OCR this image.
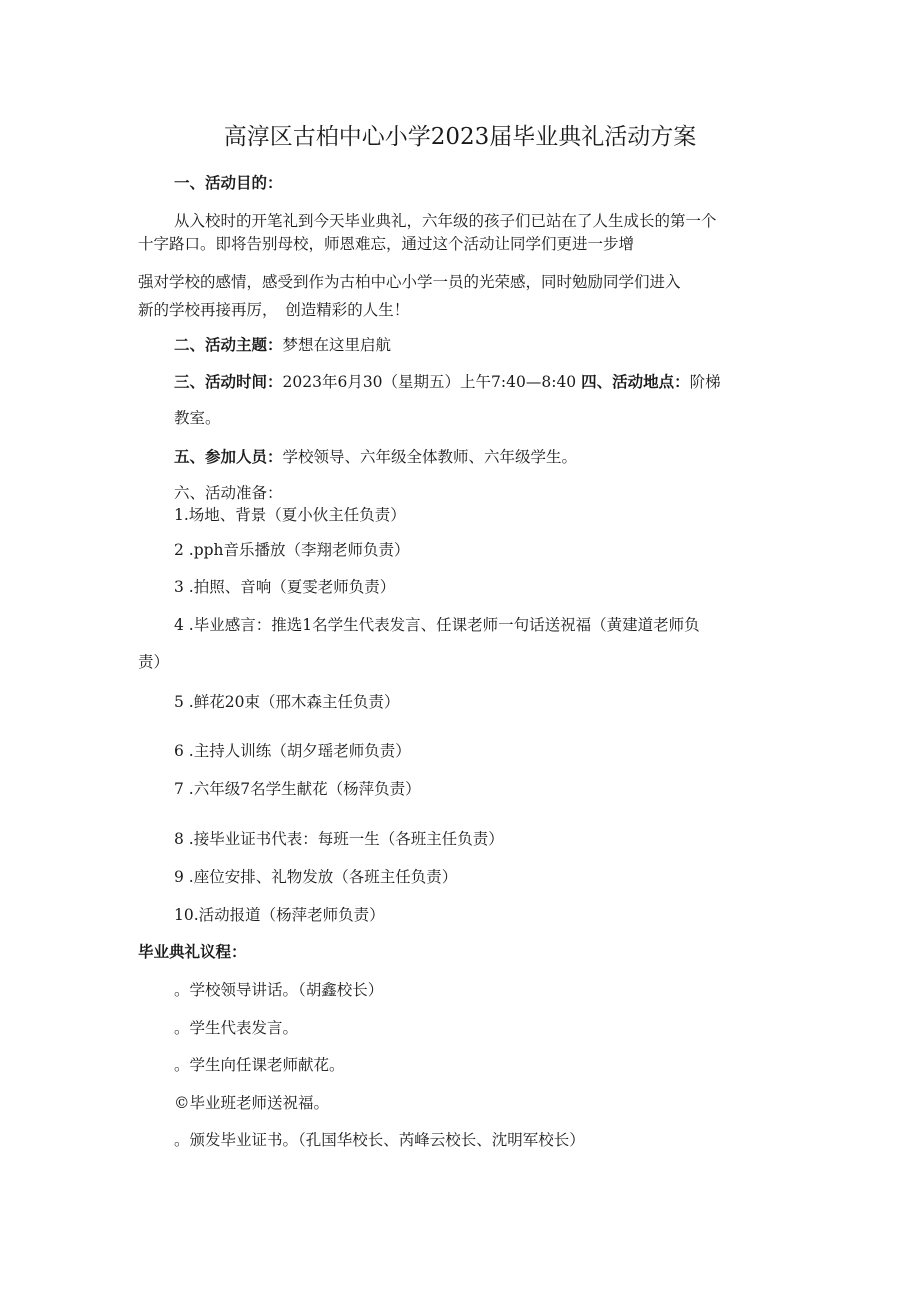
高淳区古柏中心小学2023届毕业典礼活动方案
一、活动目的：
从入校时的开笔礼到今天毕业典礼，六年级的孩子们已站在了人生成长的第一个
十字路口。即将告别母校，师恩难忘，通过这个活动让同学们更进一步增
强对学校的感情，感受到作为古柏中心小学一员的光荣感，同时勉励同学们进入
新的学校再接再厉，　创造精彩的人生！
二、活动主题：梦想在这里启航
三、活动时间：2023年6月30（星期五）上午7:40—8:40 四、活动地点：阶梯
教室。
五、参加人员：学校领导、六年级全体教师、六年级学生。
六、活动准备：
1.场地、背景（夏小伙主任负责）
2 .pph音乐播放（李翔老师负责）
3 .拍照、音响（夏雯老师负责）
4 .毕业感言：推选1名学生代表发言、任课老师一句话送祝福（黄建道老师负
责）
5 .鲜花20束（邢木森主任负责）
6 .主持人训练（胡夕瑶老师负责）
7 .六年级7名学生献花（杨萍负责）
8 .接毕业证书代表：每班一生（各班主任负责）
9 .座位安排、礼物发放（各班主任负责）
10.活动报道（杨萍老师负责）
毕业典礼议程：
。学校领导讲话。（胡鑫校长）
。学生代表发言。
。学生向任课老师献花。
©毕业班老师送祝福。
。颁发毕业证书。（孔国华校长、芮峰云校长、沈明军校长）
